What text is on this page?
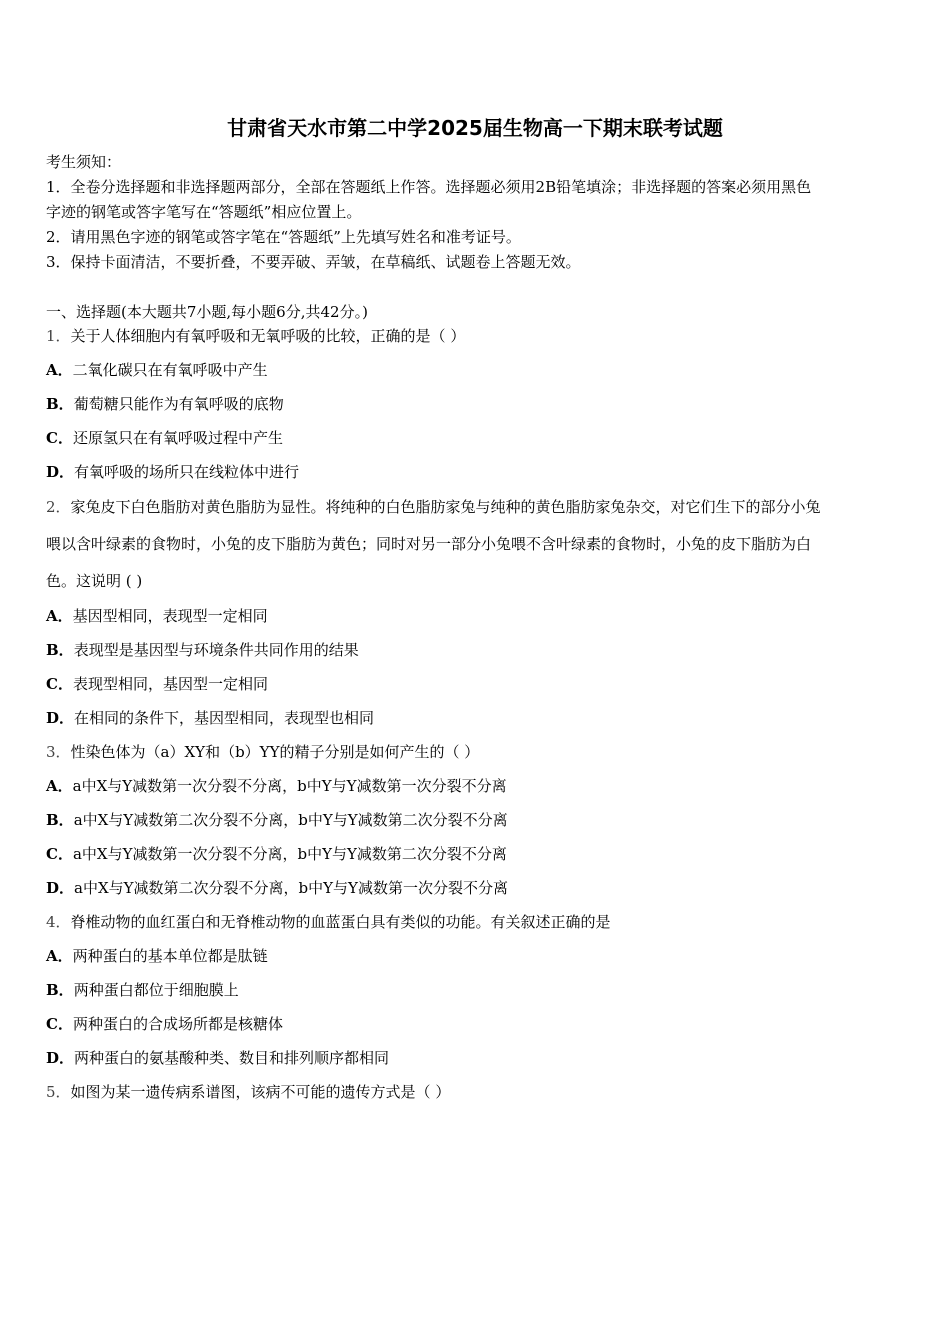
甘肃省天水市第二中学2025届生物高一下期末联考试题
考生须知：
1．全卷分选择题和非选择题两部分，全部在答题纸上作答。选择题必须用2B铅笔填涂；非选择题的答案必须用黑色
字迹的钢笔或答字笔写在“答题纸”相应位置上。
2．请用黑色字迹的钢笔或答字笔在“答题纸”上先填写姓名和准考证号。
3．保持卡面清洁，不要折叠，不要弄破、弄皱，在草稿纸、试题卷上答题无效。
一、选择题(本大题共7小题,每小题6分,共42分。)
1．关于人体细胞内有氧呼吸和无氧呼吸的比较，正确的是（ ）
A．二氧化碳只在有氧呼吸中产生
B．葡萄糖只能作为有氧呼吸的底物
C．还原氢只在有氧呼吸过程中产生
D．有氧呼吸的场所只在线粒体中进行
2．家兔皮下白色脂肪对黄色脂肪为显性。将纯种的白色脂肪家兔与纯种的黄色脂肪家兔杂交，对它们生下的部分小兔
喂以含叶绿素的食物时，小兔的皮下脂肪为黄色；同时对另一部分小兔喂不含叶绿素的食物时，小兔的皮下脂肪为白
色。这说明 ( )
A．基因型相同，表现型一定相同
B．表现型是基因型与环境条件共同作用的结果
C．表现型相同，基因型一定相同
D．在相同的条件下，基因型相同，表现型也相同
3．性染色体为（a）XY和（b）YY的精子分别是如何产生的（ ）
A．a中X与Y减数第一次分裂不分离，b中Y与Y减数第一次分裂不分离
B．a中X与Y减数第二次分裂不分离，b中Y与Y减数第二次分裂不分离
C．a中X与Y减数第一次分裂不分离，b中Y与Y减数第二次分裂不分离
D．a中X与Y减数第二次分裂不分离，b中Y与Y减数第一次分裂不分离
4．脊椎动物的血红蛋白和无脊椎动物的血蓝蛋白具有类似的功能。有关叙述正确的是
A．两种蛋白的基本单位都是肽链
B．两种蛋白都位于细胞膜上
C．两种蛋白的合成场所都是核糖体
D．两种蛋白的氨基酸种类、数目和排列顺序都相同
5．如图为某一遗传病系谱图，该病不可能的遗传方式是（ ）
